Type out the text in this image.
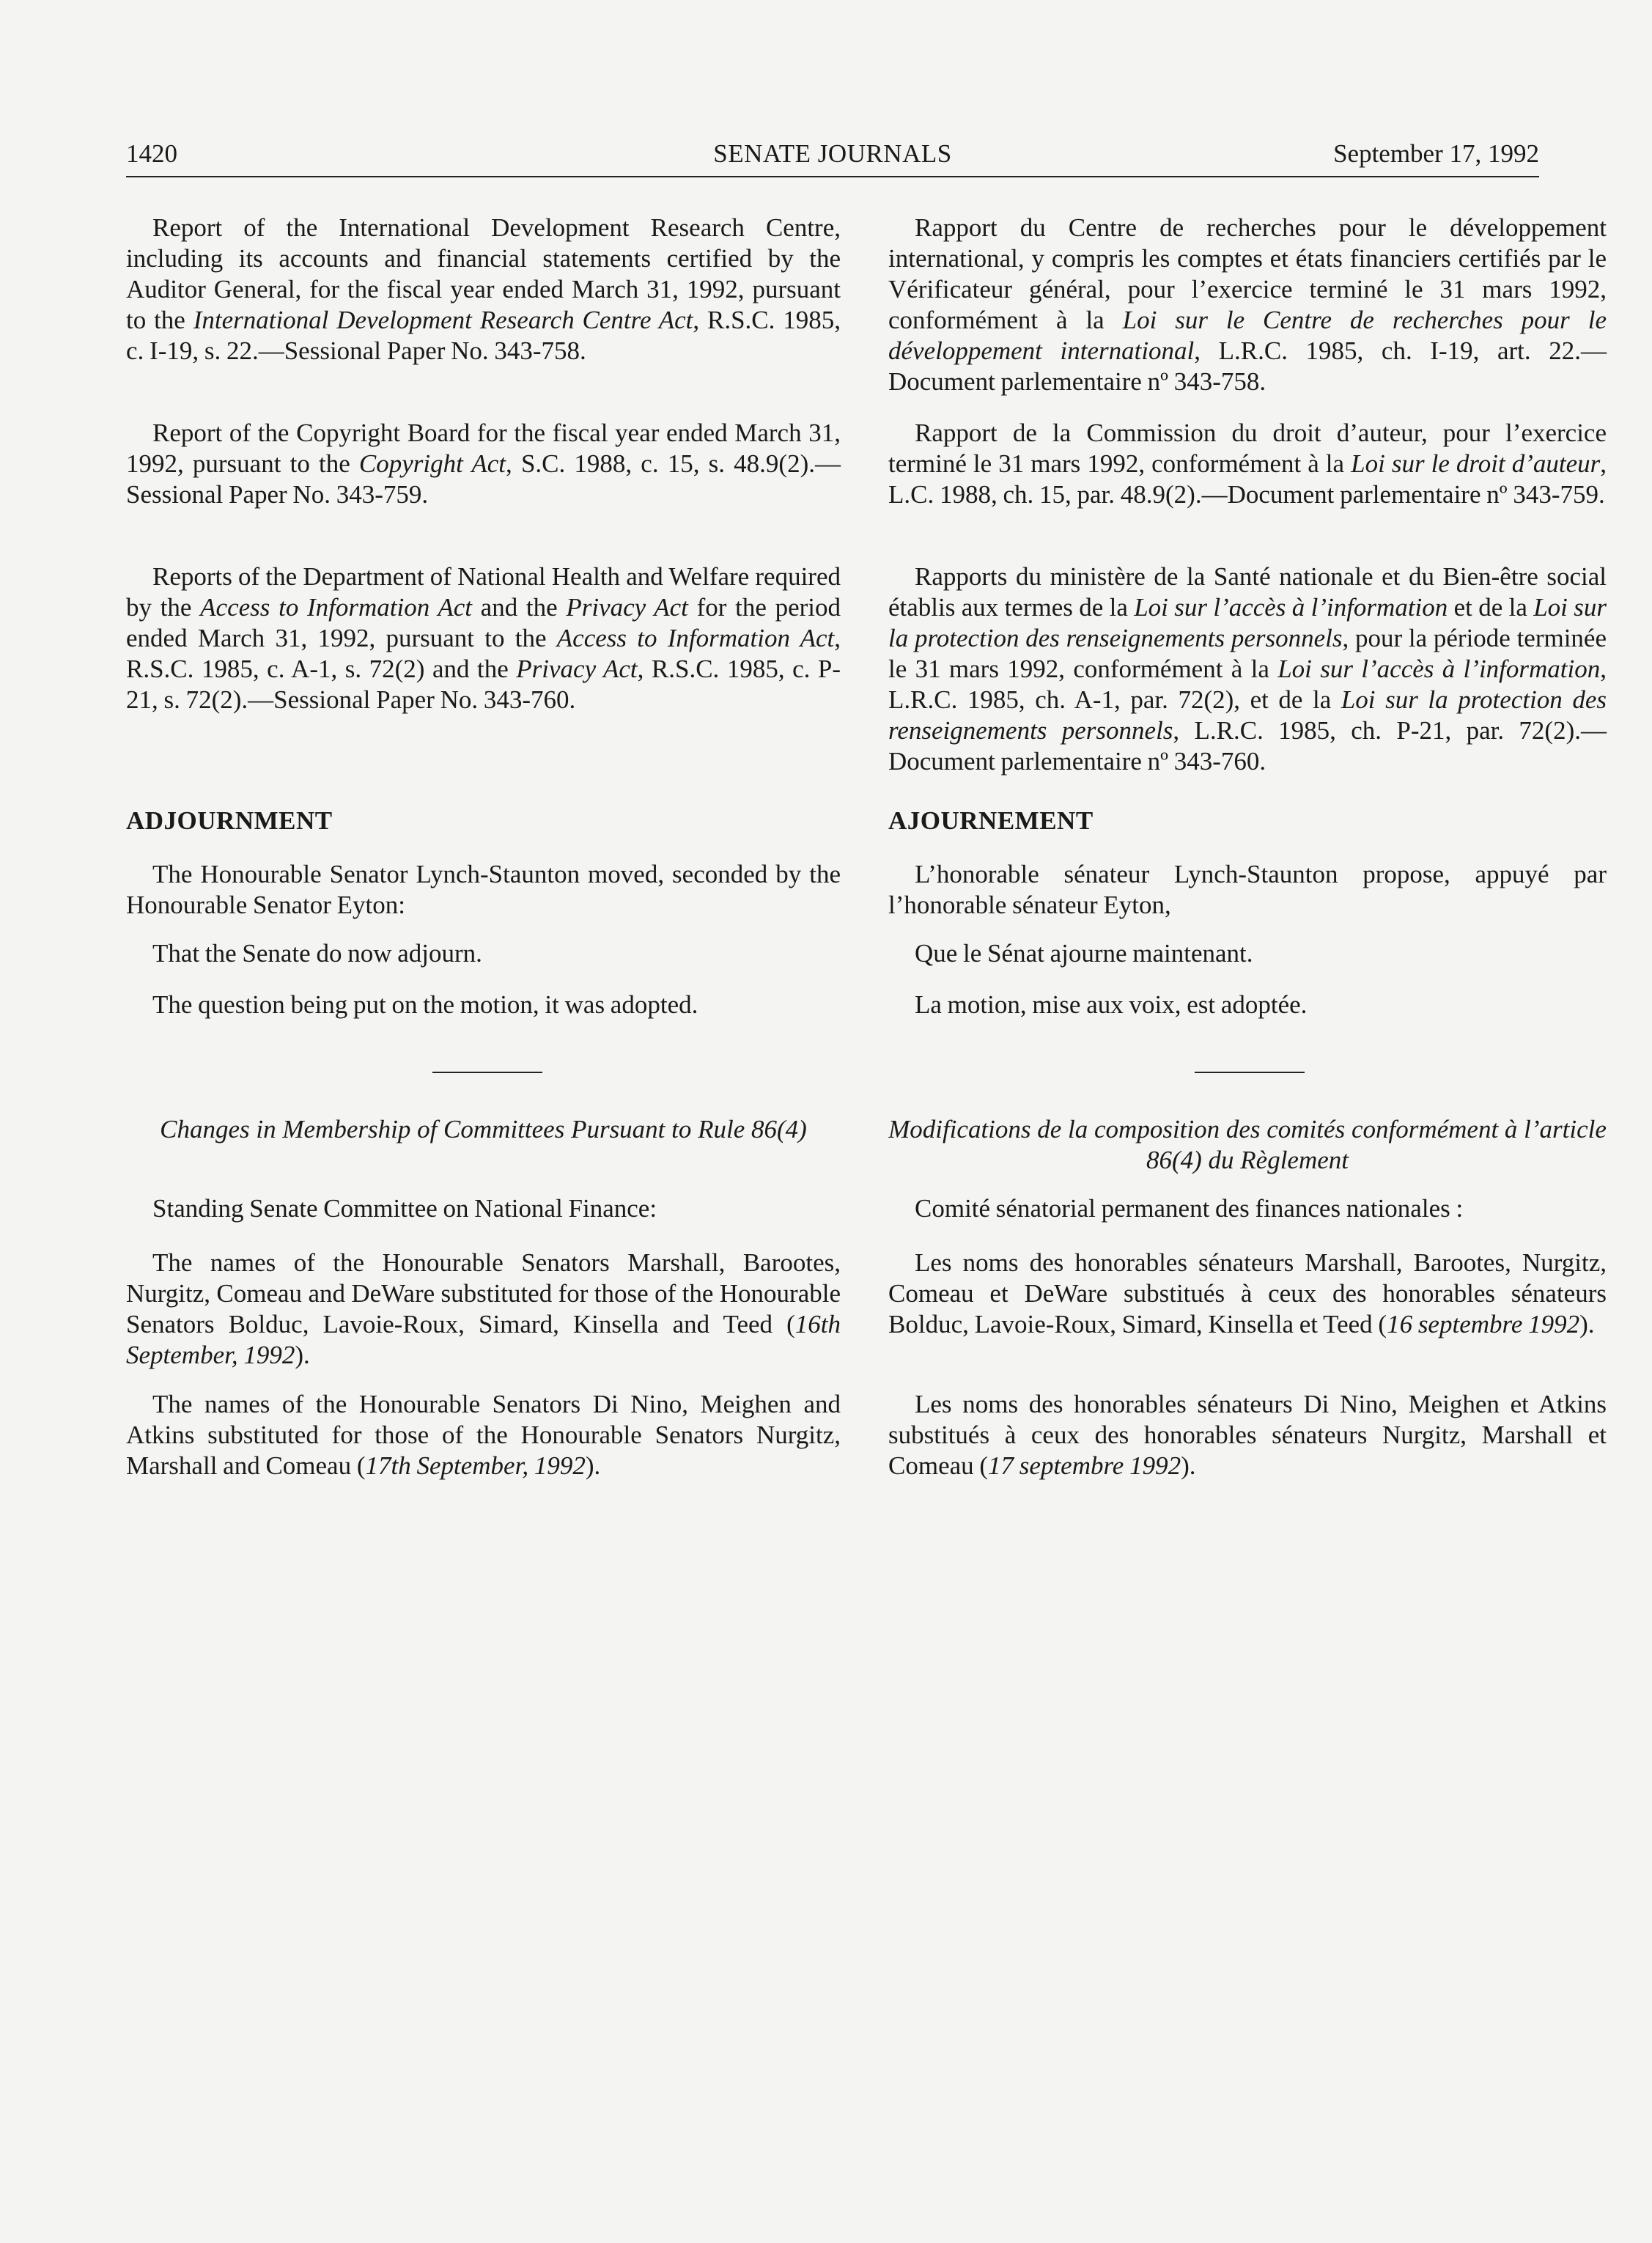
1420	SENATE JOURNALS	September 17, 1992

Report of the International Development Research Centre, including its accounts and financial statements certified by the Auditor General, for the fiscal year ended March 31, 1992, pursuant to the International Development Research Centre Act, R.S.C. 1985, c. I-19, s. 22.—Sessional Paper No. 343-758.

Report of the Copyright Board for the fiscal year ended March 31, 1992, pursuant to the Copyright Act, S.C. 1988, c. 15, s. 48.9(2).—Sessional Paper No. 343-759.

Reports of the Department of National Health and Welfare required by the Access to Information Act and the Privacy Act for the period ended March 31, 1992, pursuant to the Access to Information Act, R.S.C. 1985, c. A-1, s. 72(2) and the Privacy Act, R.S.C. 1985, c. P-21, s. 72(2).—Sessional Paper No. 343-760.

ADJOURNMENT

The Honourable Senator Lynch-Staunton moved, seconded by the Honourable Senator Eyton:

That the Senate do now adjourn.

The question being put on the motion, it was adopted.

Changes in Membership of Committees Pursuant to Rule 86(4)

Standing Senate Committee on National Finance:

The names of the Honourable Senators Marshall, Barootes, Nurgitz, Comeau and DeWare substituted for those of the Honourable Senators Bolduc, Lavoie-Roux, Simard, Kinsella and Teed (16th September, 1992).

The names of the Honourable Senators Di Nino, Meighen and Atkins substituted for those of the Honourable Senators Nurgitz, Marshall and Comeau (17th September, 1992).

Rapport du Centre de recherches pour le développement international, y compris les comptes et états financiers certifiés par le Vérificateur général, pour l’exercice terminé le 31 mars 1992, conformément à la Loi sur le Centre de recherches pour le développement international, L.R.C. 1985, ch. I-19, art. 22.—Document parlementaire nº 343-758.

Rapport de la Commission du droit d’auteur, pour l’exercice terminé le 31 mars 1992, conformément à la Loi sur le droit d’auteur, L.C. 1988, ch. 15, par. 48.9(2).—Document parlementaire nº 343-759.

Rapports du ministère de la Santé nationale et du Bien-être social établis aux termes de la Loi sur l’accès à l’information et de la Loi sur la protection des renseignements personnels, pour la période terminée le 31 mars 1992, conformément à la Loi sur l’accès à l’information, L.R.C. 1985, ch. A-1, par. 72(2), et de la Loi sur la protection des renseignements personnels, L.R.C. 1985, ch. P-21, par. 72(2).—Document parlementaire nº 343-760.

AJOURNEMENT

L’honorable sénateur Lynch-Staunton propose, appuyé par l’honorable sénateur Eyton,

Que le Sénat ajourne maintenant.

La motion, mise aux voix, est adoptée.

Modifications de la composition des comités conformément à l’article 86(4) du Règlement

Comité sénatorial permanent des finances nationales :

Les noms des honorables sénateurs Marshall, Barootes, Nurgitz, Comeau et DeWare substitués à ceux des honorables sénateurs Bolduc, Lavoie-Roux, Simard, Kinsella et Teed (16 septembre 1992).

Les noms des honorables sénateurs Di Nino, Meighen et Atkins substitués à ceux des honorables sénateurs Nurgitz, Marshall et Comeau (17 septembre 1992).
